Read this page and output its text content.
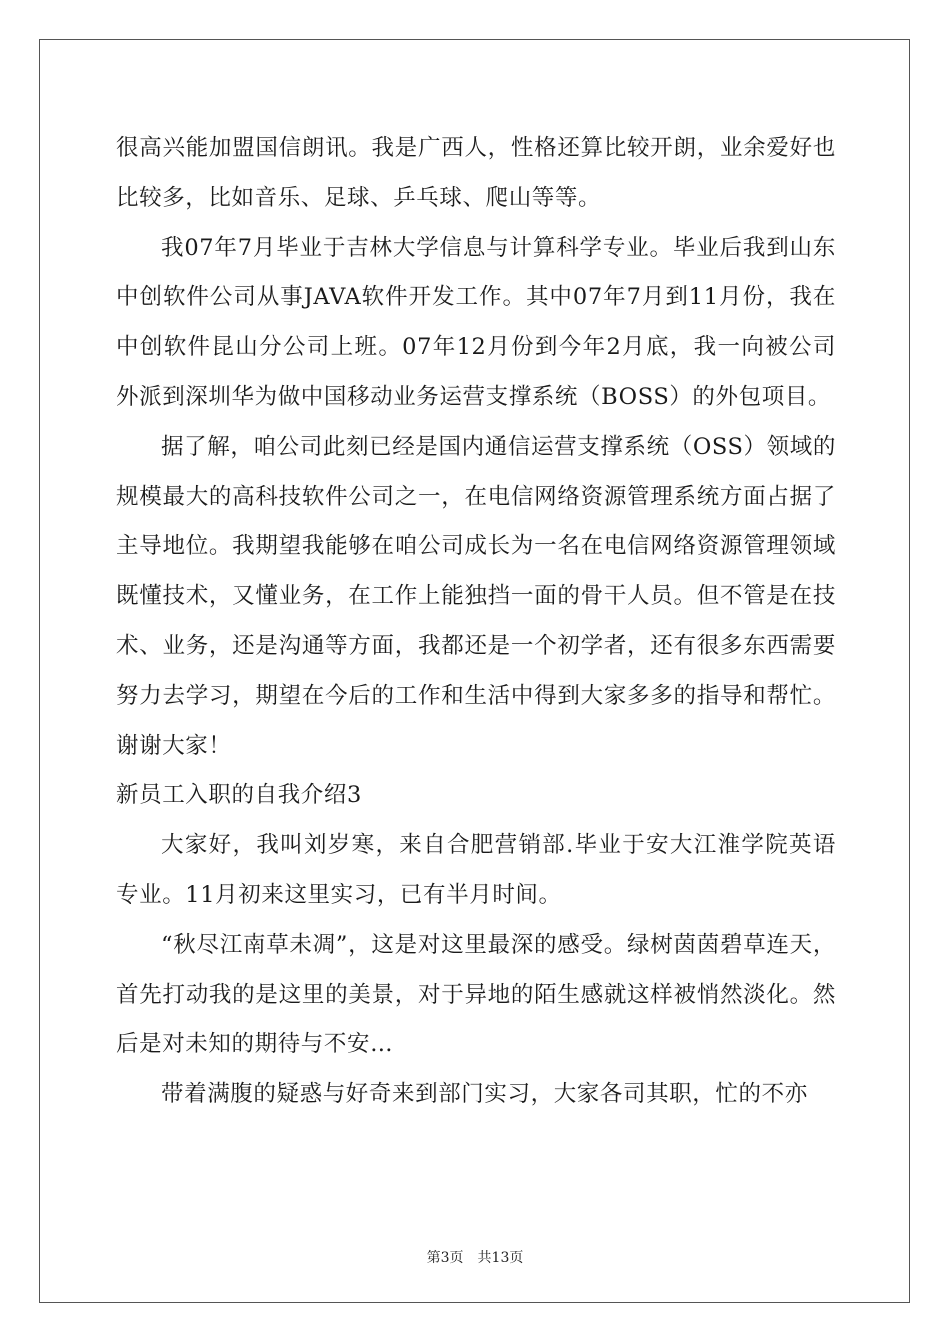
很高兴能加盟国信朗讯。我是广西人，性格还算比较开朗，业余爱好也比较多，比如音乐、足球、乒乓球、爬山等等。

我07年7月毕业于吉林大学信息与计算科学专业。毕业后我到山东中创软件公司从事JAVA软件开发工作。其中07年7月到11月份，我在中创软件昆山分公司上班。07年12月份到今年2月底，我一向被公司外派到深圳华为做中国移动业务运营支撑系统（BOSS）的外包项目。

据了解，咱公司此刻已经是国内通信运营支撑系统（OSS）领域的规模最大的高科技软件公司之一，在电信网络资源管理系统方面占据了主导地位。我期望我能够在咱公司成长为一名在电信网络资源管理领域既懂技术，又懂业务，在工作上能独挡一面的骨干人员。但不管是在技术、业务，还是沟通等方面，我都还是一个初学者，还有很多东西需要努力去学习，期望在今后的工作和生活中得到大家多多的指导和帮忙。谢谢大家！

新员工入职的自我介绍3

大家好，我叫刘岁寒，来自合肥营销部.毕业于安大江淮学院英语专业。11月初来这里实习，已有半月时间。

“秋尽江南草未凋”，这是对这里最深的感受。绿树茵茵碧草连天，首先打动我的是这里的美景，对于异地的陌生感就这样被悄然淡化。然后是对未知的期待与不安…

带着满腹的疑惑与好奇来到部门实习，大家各司其职，忙的不亦

第3页　共13页
